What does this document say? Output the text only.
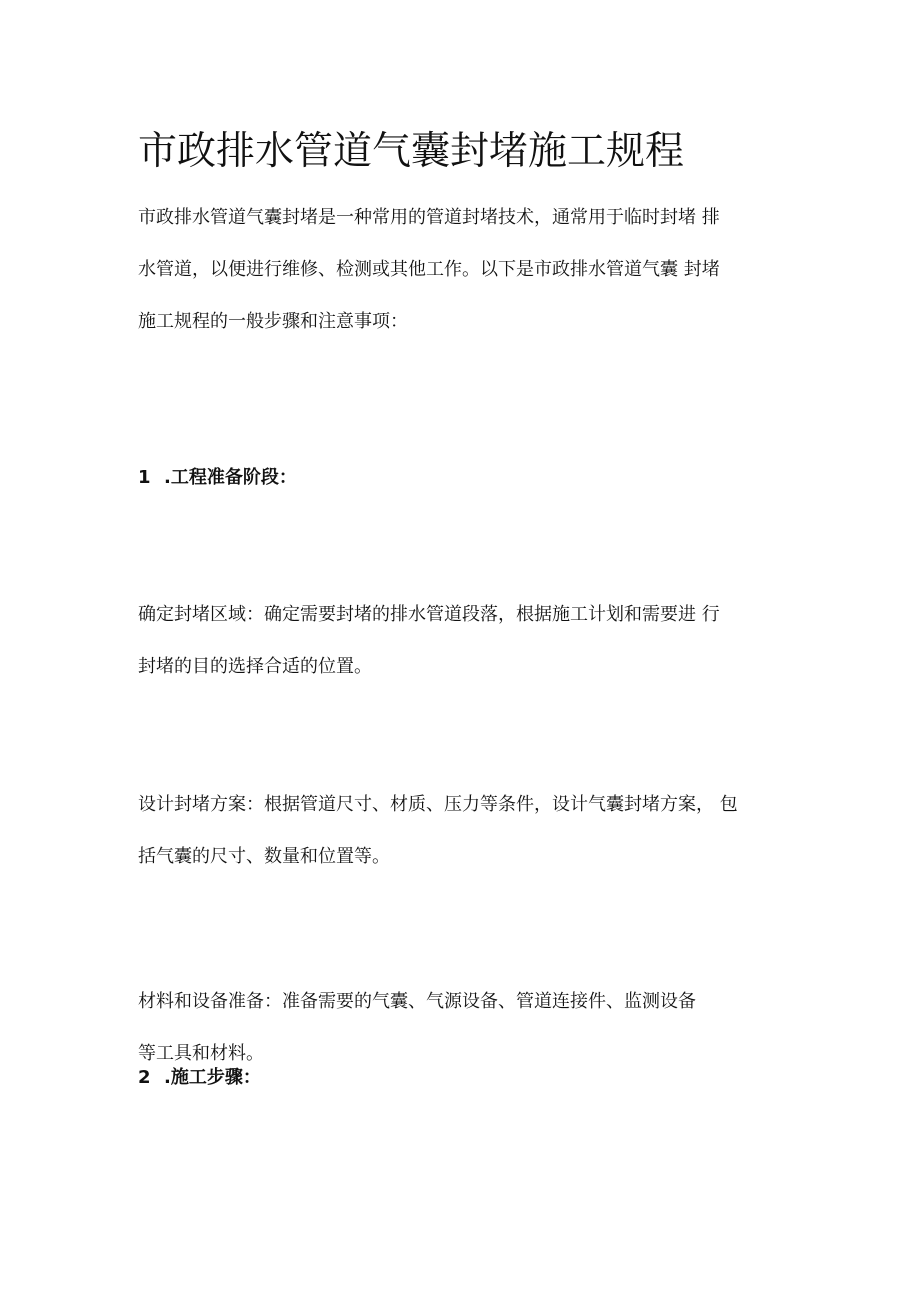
市政排水管道气囊封堵施工规程

市政排水管道气囊封堵是一种常用的管道封堵技术，通常用于临时封堵 排
水管道，以便进行维修、检测或其他工作。以下是市政排水管道气囊 封堵
施工规程的一般步骤和注意事项：

1 .工程准备阶段：

确定封堵区域：确定需要封堵的排水管道段落，根据施工计划和需要进 行
封堵的目的选择合适的位置。

设计封堵方案：根据管道尺寸、材质、压力等条件，设计气囊封堵方案， 包
括气囊的尺寸、数量和位置等。

材料和设备准备：准备需要的气囊、气源设备、管道连接件、监测设备
等工具和材料。

2 .施工步骤：
